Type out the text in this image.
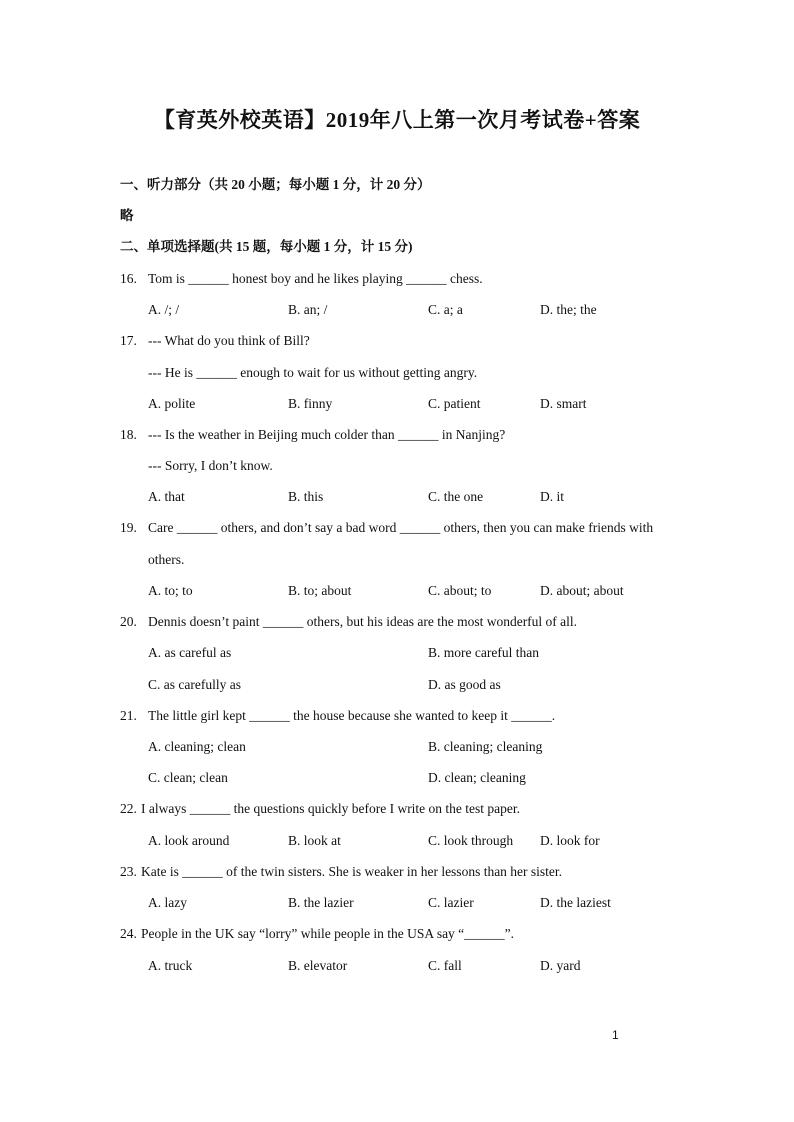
【育英外校英语】2019年八上第一次月考试卷+答案
一、听力部分（共 20 小题；每小题 1 分，计 20 分）
略
二、单项选择题(共 15 题，每小题 1 分，计 15 分)
16. Tom is ______ honest boy and he likes playing ______ chess.
A. /; /	B. an; /	C. a; a	D. the; the
17. --- What do you think of Bill?
--- He is ______ enough to wait for us without getting angry.
A. polite	B. finny	C. patient	D. smart
18. --- Is the weather in Beijing much colder than ______ in Nanjing?
--- Sorry, I don’t know.
A. that	B. this	C. the one	D. it
19. Care ______ others, and don’t say a bad word ______ others, then you can make friends with
others.
A. to; to	B. to; about	C. about; to	D. about; about
20. Dennis doesn’t paint ______ others, but his ideas are the most wonderful of all.
A. as careful as	B. more careful than
C. as carefully as	D. as good as
21. The little girl kept ______ the house because she wanted to keep it ______.
A. cleaning; clean	B. cleaning; cleaning
C. clean; clean	D. clean; cleaning
22. I always ______ the questions quickly before I write on the test paper.
A. look around	B. look at	C. look through D. look for
23. Kate is ______ of the twin sisters. She is weaker in her lessons than her sister.
A. lazy	B. the lazier	C. lazier	D. the laziest
24. People in the UK say “lorry” while people in the USA say “______”.
A. truck	B. elevator	C. fall	D. yard
1
